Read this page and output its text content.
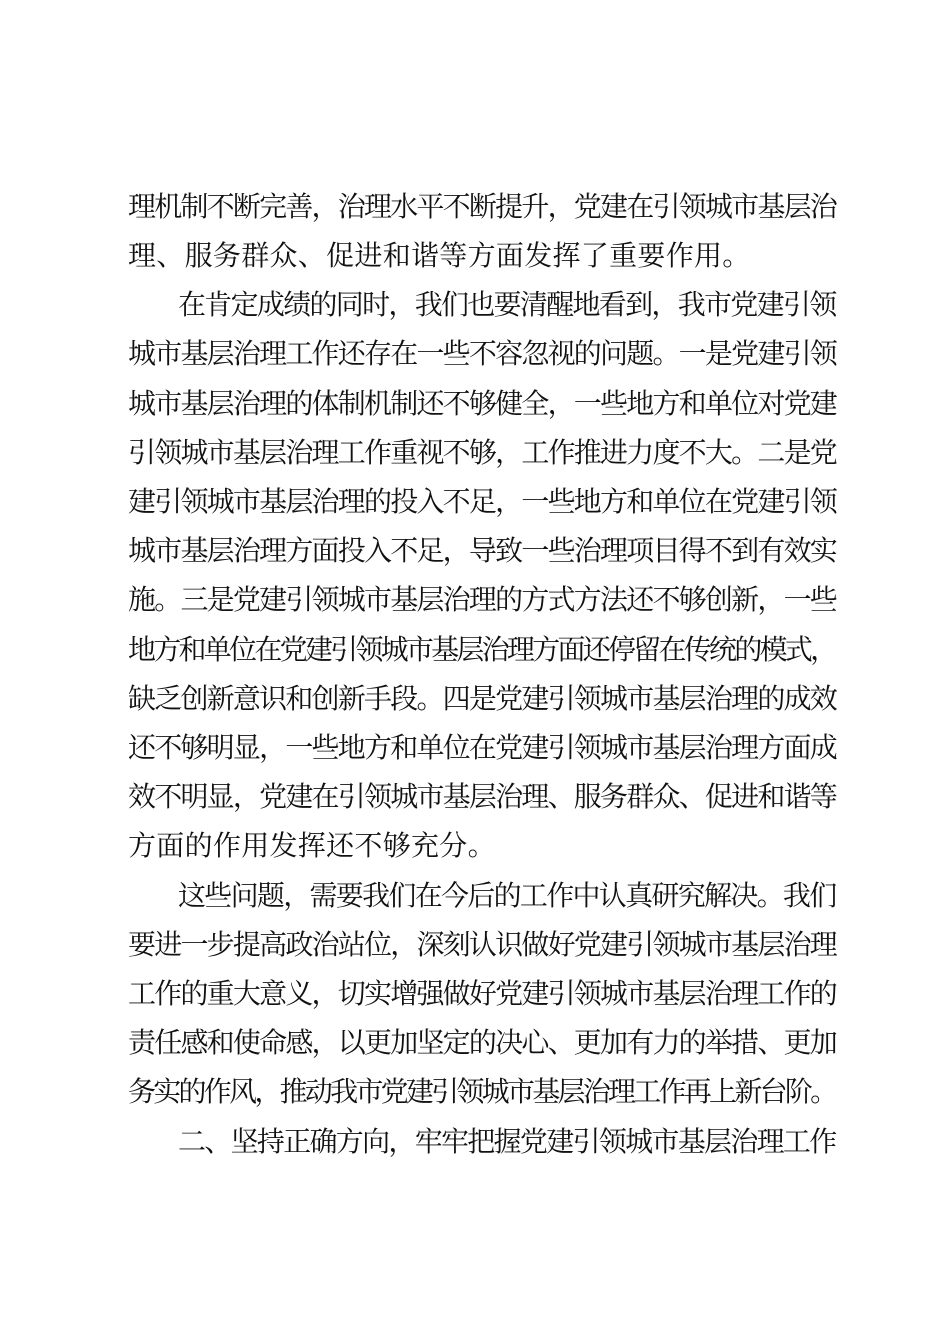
理机制不断完善，治理水平不断提升，党建在引领城市基层治
理、服务群众、促进和谐等方面发挥了重要作用。
在肯定成绩的同时，我们也要清醒地看到，我市党建引领
城市基层治理工作还存在一些不容忽视的问题。一是党建引领
城市基层治理的体制机制还不够健全，一些地方和单位对党建
引领城市基层治理工作重视不够，工作推进力度不大。二是党
建引领城市基层治理的投入不足，一些地方和单位在党建引领
城市基层治理方面投入不足，导致一些治理项目得不到有效实
施。三是党建引领城市基层治理的方式方法还不够创新，一些
地方和单位在党建引领城市基层治理方面还停留在传统的模式，
缺乏创新意识和创新手段。四是党建引领城市基层治理的成效
还不够明显，一些地方和单位在党建引领城市基层治理方面成
效不明显，党建在引领城市基层治理、服务群众、促进和谐等
方面的作用发挥还不够充分。
这些问题，需要我们在今后的工作中认真研究解决。我们
要进一步提高政治站位，深刻认识做好党建引领城市基层治理
工作的重大意义，切实增强做好党建引领城市基层治理工作的
责任感和使命感，以更加坚定的决心、更加有力的举措、更加
务实的作风，推动我市党建引领城市基层治理工作再上新台阶。
二、坚持正确方向，牢牢把握党建引领城市基层治理工作
